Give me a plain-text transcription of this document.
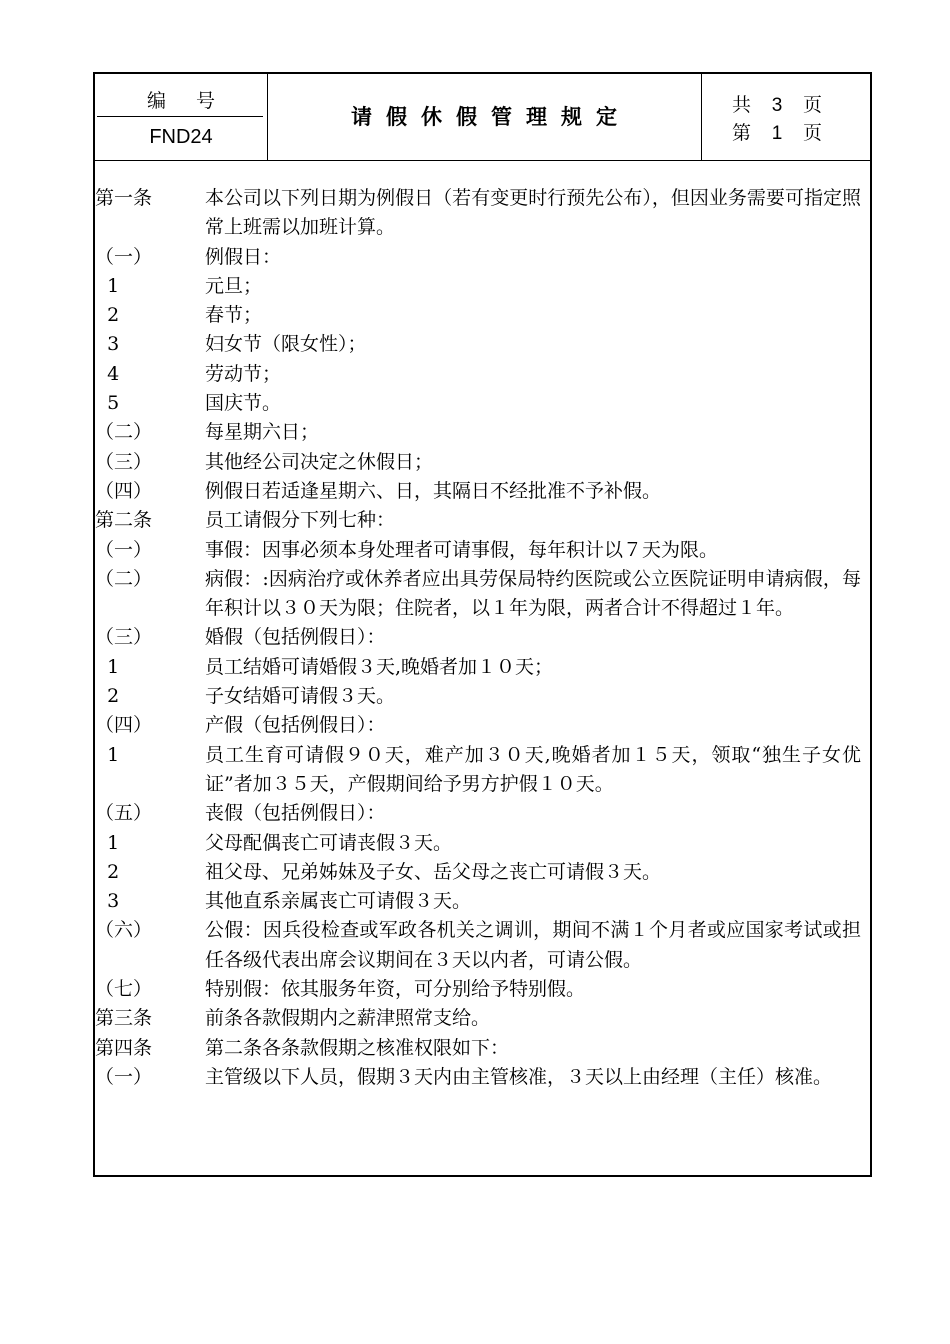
编号
FND24
请假休假管理规定	共 3 页
第 1 页
第一条	本公司以下列日期为例假日（若有变更时行预先公布），但因业务需要可指定照常上班需以加班计算。
（一）	例假日：
1	元旦；
2	春节；
3	妇女节（限女性）；
4	劳动节；
5	国庆节。
（二）	每星期六日；
（三）	其他经公司决定之休假日；
（四）	例假日若适逢星期六、日，其隔日不经批准不予补假。
第二条	员工请假分下列七种：
（一）	事假：因事必须本身处理者可请事假，每年积计以７天为限。
（二）	病假：:因病治疗或休养者应出具劳保局特约医院或公立医院证明申请病假，每年积计以３０天为限；住院者，以１年为限，两者合计不得超过１年。
（三）	婚假（包括例假日）：
1	员工结婚可请婚假３天,晚婚者加１０天；
2	子女结婚可请假３天。
（四）	产假（包括例假日）：
1	员工生育可请假９０天，难产加３０天,晚婚者加１５天，领取“独生子女优证”者加３５天，产假期间给予男方护假１０天。
（五）	丧假（包括例假日）：
1	父母配偶丧亡可请丧假３天。
2	祖父母、兄弟姊妹及子女、岳父母之丧亡可请假３天。
3	其他直系亲属丧亡可请假３天。
（六）	公假：因兵役检查或军政各机关之调训，期间不满１个月者或应国家考试或担任各级代表出席会议期间在３天以内者，可请公假。
（七）	特别假：依其服务年资，可分别给予特别假。
第三条	前条各款假期内之薪津照常支给。
第四条	第二条各条款假期之核准权限如下：
（一）	主管级以下人员，假期３天内由主管核准，３天以上由经理（主任）核准。
